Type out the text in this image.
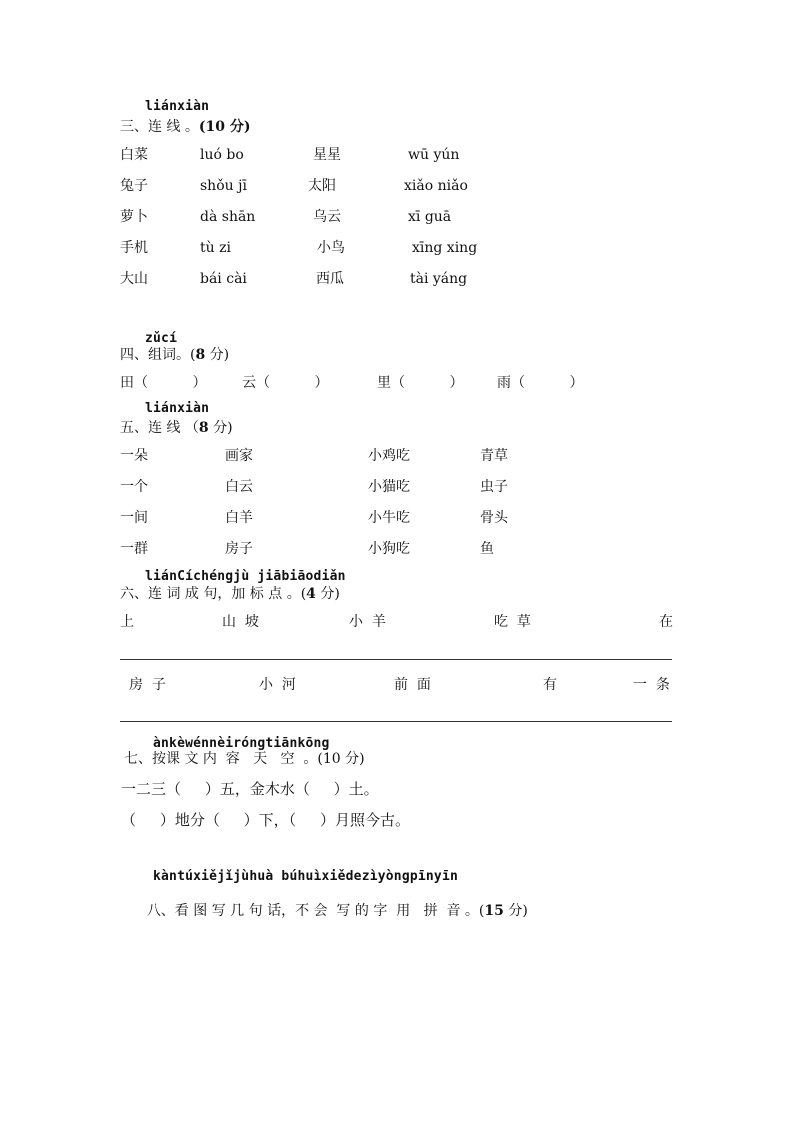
liánxiàn
三、连 线 。(10 分)
白菜	luó bo	星星	wū yún
兔子	shǒu jī	太阳	xiǎo niǎo
萝卜	dà shān	乌云	xī guā
手机	tù zi	小鸟	xīng xing
大山	bái cài	西瓜	tài yáng
zǔcí
四、组词。(8 分)
田（          ）	云（          ）	里（          ） 雨（          ）
liánxiàn
五、连 线 （8 分)
一朵	画家	小鸡吃	青草
一个	白云	小猫吃	虫子
一间	白羊	小牛吃	骨头
一群	房子	小狗吃	鱼
liánCíchéngjù jiābiāodiǎn
六、连 词 成 句，加 标 点 。(4 分)
上	山  坡	小  羊	吃  草	在
房  子	小  河	前  面	有	一  条
ànkèwénnèiróngtiānkōng
七、按课 文 内  容   天   空  。(10 分)
一二三（     ）五，金木水（     ）土。
（     ）地分（     ）下，（     ）月照今古。
kàntúxiějǐjùhuà búhuìxiědezìyòngpīnyīn

八、看 图 写 几 句 话，不 会  写 的 字  用   拼  音 。(15 分)
